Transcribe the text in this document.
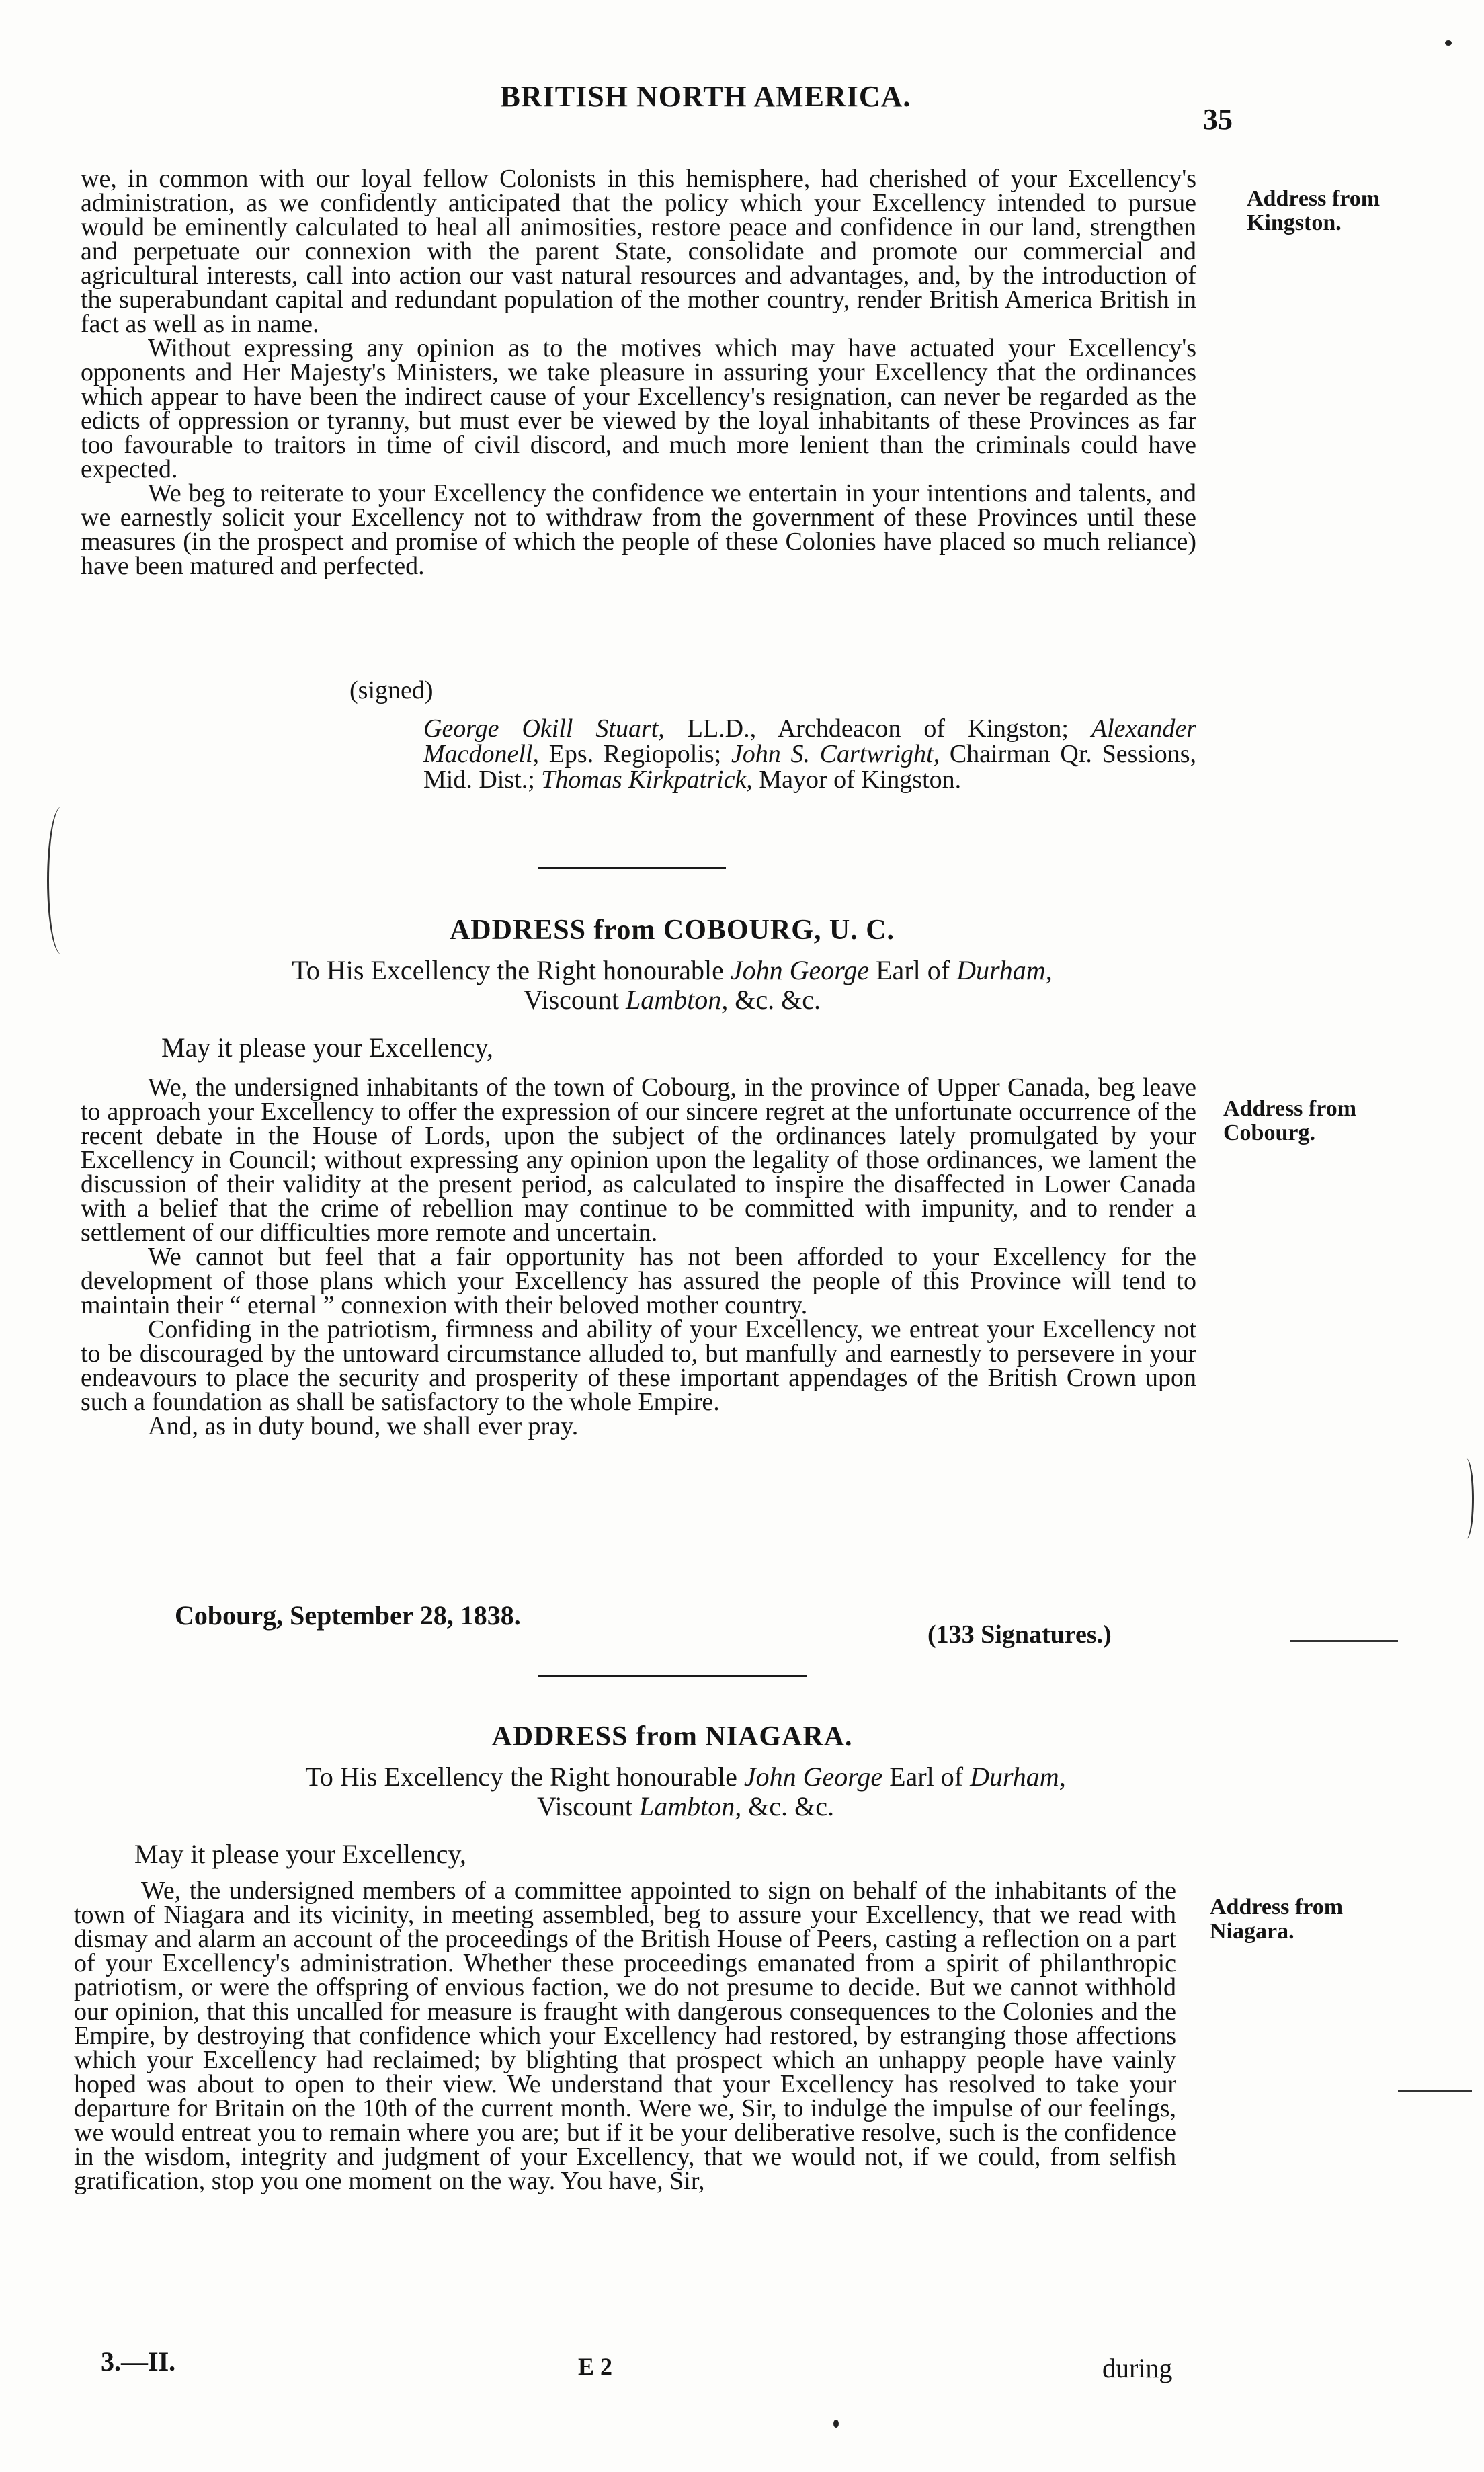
BRITISH NORTH AMERICA.
35
Address from Kingston.

we, in common with our loyal fellow Colonists in this hemisphere, had cherished of your Excellency's administration, as we confidently anticipated that the policy which your Excellency intended to pursue would be eminently calculated to heal all animosities, restore peace and confidence in our land, strengthen and perpetuate our connexion with the parent State, consolidate and promote our commercial and agricultural interests, call into action our vast natural resources and advantages, and, by the introduction of the superabundant capital and redundant population of the mother country, render British America British in fact as well as in name.

Without expressing any opinion as to the motives which may have actuated your Excellency's opponents and Her Majesty's Ministers, we take pleasure in assuring your Excellency that the ordinances which appear to have been the indirect cause of your Excellency's resignation, can never be regarded as the edicts of oppression or tyranny, but must ever be viewed by the loyal inhabitants of these Provinces as far too favourable to traitors in time of civil discord, and much more lenient than the criminals could have expected.

We beg to reiterate to your Excellency the confidence we entertain in your intentions and talents, and we earnestly solicit your Excellency not to withdraw from the government of these Provinces until these measures (in the prospect and promise of which the people of these Colonies have placed so much reliance) have been matured and perfected.

(signed)
George Okill Stuart, LL.D., Archdeacon of Kingston; Alexander Macdonell, Eps. Regiopolis; John S. Cartwright, Chairman Qr. Sessions, Mid. Dist.; Thomas Kirkpatrick, Mayor of Kingston.
ADDRESS from COBOURG, U. C.
To His Excellency the Right honourable John George Earl of Durham,
Viscount Lambton, &c. &c.
May it please your Excellency,
Address from Cobourg.

We, the undersigned inhabitants of the town of Cobourg, in the province of Upper Canada, beg leave to approach your Excellency to offer the expression of our sincere regret at the unfortunate occurrence of the recent debate in the House of Lords, upon the subject of the ordinances lately promulgated by your Excellency in Council; without expressing any opinion upon the legality of those ordinances, we lament the discussion of their validity at the present period, as calculated to inspire the disaffected in Lower Canada with a belief that the crime of rebellion may continue to be committed with impunity, and to render a settlement of our difficulties more remote and uncertain.

We cannot but feel that a fair opportunity has not been afforded to your Excellency for the development of those plans which your Excellency has assured the people of this Province will tend to maintain their “ eternal ” connexion with their beloved mother country.

Confiding in the patriotism, firmness and ability of your Excellency, we entreat your Excellency not to be discouraged by the untoward circumstance alluded to, but manfully and earnestly to persevere in your endeavours to place the security and prosperity of these important appendages of the British Crown upon such a foundation as shall be satisfactory to the whole Empire.

And, as in duty bound, we shall ever pray.

Cobourg, September 28, 1838.
(133 Signatures.)
ADDRESS from NIAGARA.
To His Excellency the Right honourable John George Earl of Durham,
Viscount Lambton, &c. &c.
May it please your Excellency,
Address from Niagara.

We, the undersigned members of a committee appointed to sign on behalf of the inhabitants of the town of Niagara and its vicinity, in meeting assembled, beg to assure your Excellency, that we read with dismay and alarm an account of the proceedings of the British House of Peers, casting a reflection on a part of your Excellency's administration. Whether these proceedings emanated from a spirit of philanthropic patriotism, or were the offspring of envious faction, we do not presume to decide. But we cannot withhold our opinion, that this uncalled for measure is fraught with dangerous consequences to the Colonies and the Empire, by destroying that confidence which your Excellency had restored, by estranging those affections which your Excellency had reclaimed; by blighting that prospect which an unhappy people have vainly hoped was about to open to their view. We understand that your Excellency has resolved to take your departure for Britain on the 10th of the current month. Were we, Sir, to indulge the impulse of our feelings, we would entreat you to remain where you are; but if it be your deliberative resolve, such is the confidence in the wisdom, integrity and judgment of your Excellency, that we would not, if we could, from selfish gratification, stop you one moment on the way. You have, Sir,

3.—II.	E 2	during
